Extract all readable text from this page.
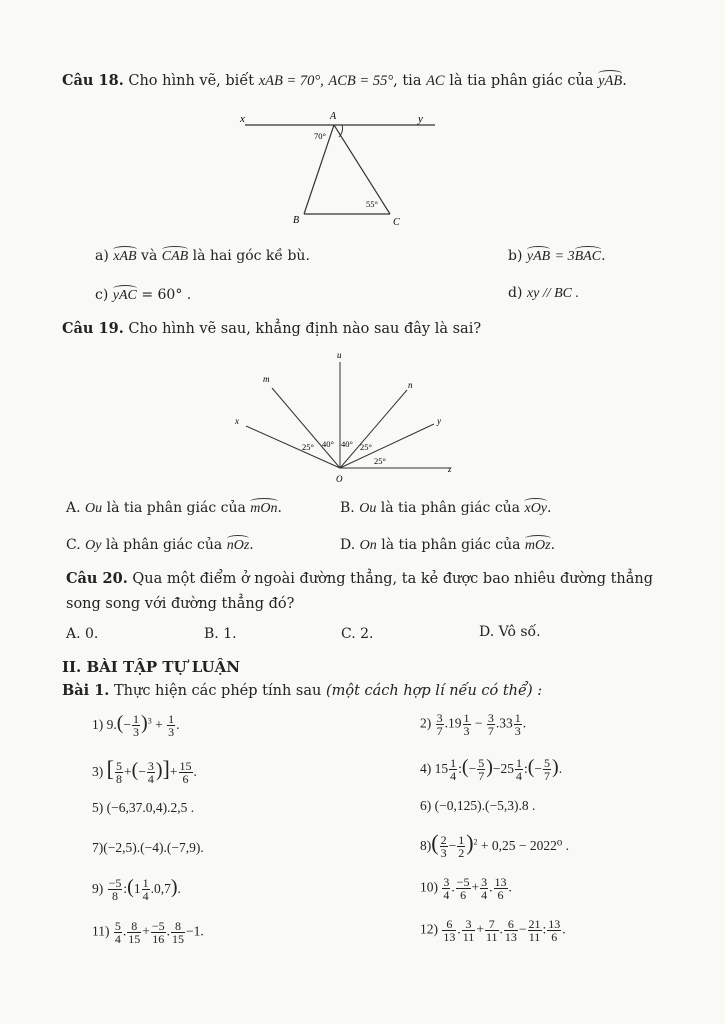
Câu 18. Cho hình vẽ, biết xAB = 70°, ACB = 55°, tia AC là tia phân giác của yAB.
x	y
A
B	C
70°
55°
a) xAB và CAB là hai góc kề bù.	b) yAB = 3BAC.
c) yAC = 60° .	d) xy // BC .
Câu 19. Cho hình vẽ sau, khẳng định nào sau đây là sai?
u
m
n
x	y
z
O
25° 40° 40° 25°
25°
A. Ou là tia phân giác của mOn.	B. Ou là tia phân giác của xOy.
C. Oy là phân giác của nOz.	D. On là tia phân giác của mOz.
Câu 20. Qua một điểm ở ngoài đường thẳng, ta kẻ được bao nhiêu đường thẳng
song song với đường thẳng đó?
A. 0.	B. 1.	C. 2.	D. Vô số.
II. BÀI TẬP TỰ LUẬN
Bài 1. Thực hiện các phép tính sau (một cách hợp lí nếu có thể) :
1) $9.(- \frac{1}{3} )^3 + \frac{1}{3}$ .	$2) \frac{3}{7} .19 \frac{1}{3} - \frac{3}{7} .33 \frac{1}{3}$ .
3) [ $\frac{5}{8}$ +(− $\frac{3}{4}$ )]+ $\frac{15}{6}$ .	4) $15 \frac{1}{4}$ :(− $\frac{5}{7} )-25 \frac{1}{4}$ :(− $\frac{5}{7}$ ).
5) (−6,37.0,4).2,5 .	6) (−0,125).(−5,3).8 .
7)(−2,5).(−4).(−7,9).	$8)( \frac{2}{3} - \frac{1}{2} )^2 + 0,25 - 2022^0$ .
$9) \frac{-5}{8}$ :(1 $\frac{1}{4} .0,7$).	$10) \frac{3}{4}$ . $\frac{-5}{6} + \frac{3}{4}$ . $\frac{13}{6}$ .
$11) \frac{5}{4}$ . $\frac{8}{15} + \frac{-5}{16}$ . $\frac{8}{15} -1$.	$12) \frac{6}{13}$ . $\frac{3}{11} + \frac{7}{11}$ . $\frac{6}{13} - \frac{21}{11}$ : $\frac{13}{6}$ .
